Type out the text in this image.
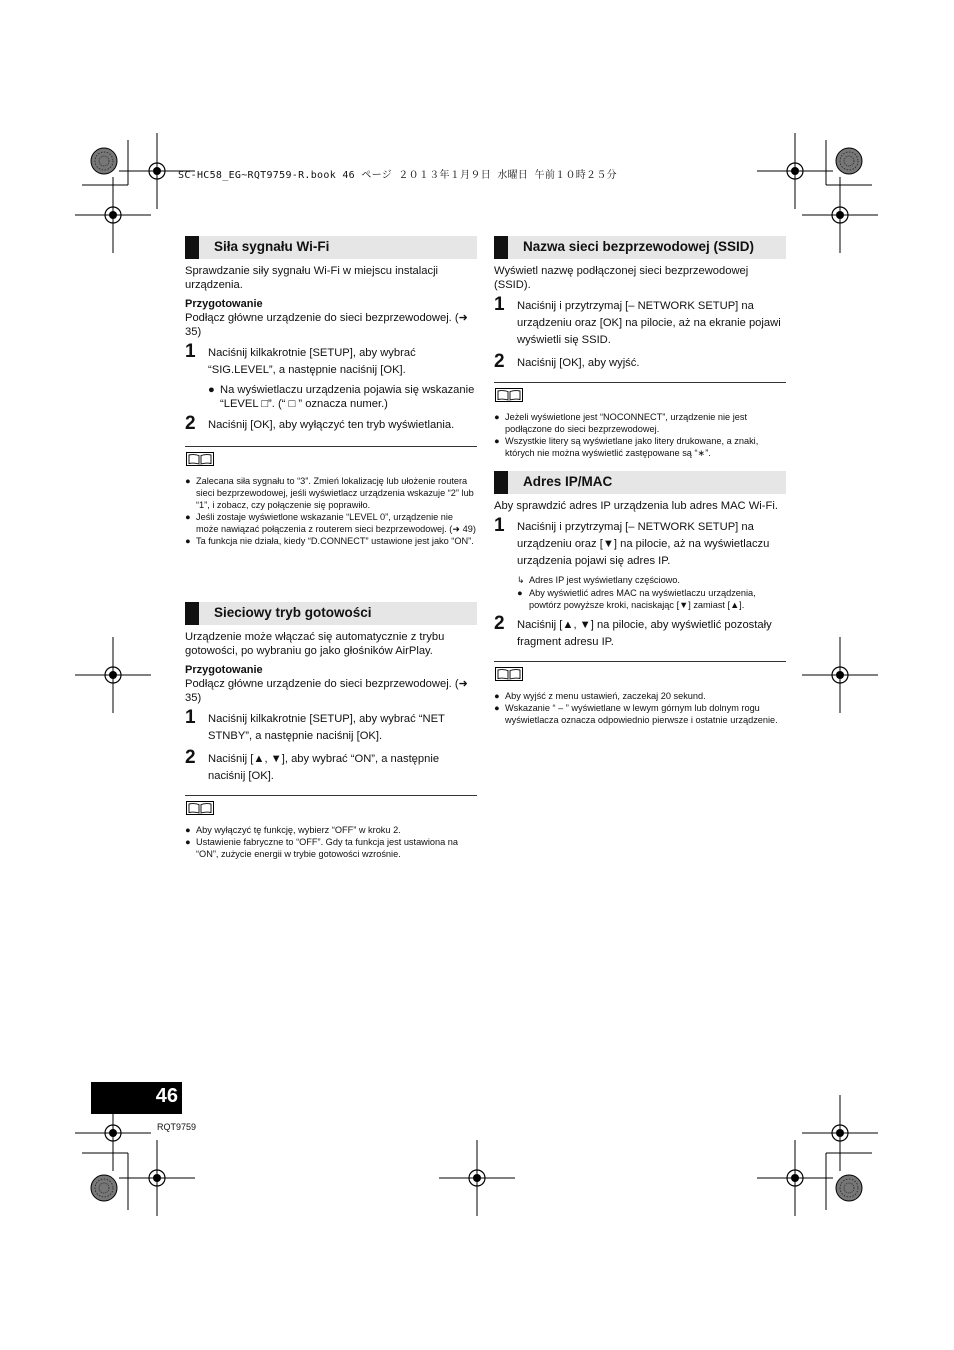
SC-HC58_EG~RQT9759-R.book 46 ページ ２０１３年１月９日 水曜日 午前１０時２５分
Siła sygnału Wi-Fi

Sprawdzanie siły sygnału Wi-Fi w miejscu instalacji urządzenia.

Przygotowanie

Podłącz główne urządzenie do sieci bezprzewodowej. (➜ 35)

1 Naciśnij kilkakrotnie [SETUP], aby wybrać “SIG.LEVEL”, a następnie naciśnij [OK].
● Na wyświetlaczu urządzenia pojawia się wskazanie “LEVEL □”. (“ □ ” oznacza numer.)
2 Naciśnij [OK], aby wyłączyć ten tryb wyświetlania.
● Zalecana siła sygnału to “3”. Zmień lokalizację lub ułożenie routera sieci bezprzewodowej, jeśli wyświetlacz urządzenia wskazuje “2” lub “1”, i zobacz, czy połączenie się poprawiło.
● Jeśli zostaje wyświetlone wskazanie “LEVEL 0”, urządzenie nie może nawiązać połączenia z routerem sieci bezprzewodowej. (➜ 49)
● Ta funkcja nie działa, kiedy “D.CONNECT” ustawione jest jako “ON”.
Sieciowy tryb gotowości

Urządzenie może włączać się automatycznie z trybu gotowości, po wybraniu go jako głośników AirPlay.

Przygotowanie

Podłącz główne urządzenie do sieci bezprzewodowej. (➜ 35)

1 Naciśnij kilkakrotnie [SETUP], aby wybrać “NET STNBY”, a następnie naciśnij [OK].
2 Naciśnij [▲, ▼], aby wybrać “ON”, a następnie naciśnij [OK].
● Aby wyłączyć tę funkcję, wybierz “OFF” w kroku 2.
● Ustawienie fabryczne to “OFF”. Gdy ta funkcja jest ustawiona na “ON”, zużycie energii w trybie gotowości wzrośnie.
Nazwa sieci bezprzewodowej (SSID)

Wyświetl nazwę podłączonej sieci bezprzewodowej (SSID).

1 Naciśnij i przytrzymaj [– NETWORK SETUP] na urządzeniu oraz [OK] na pilocie, aż na ekranie pojawi wyświetli się SSID.
2 Naciśnij [OK], aby wyjść.
● Jeżeli wyświetlone jest “NOCONNECT”, urządzenie nie jest podłączone do sieci bezprzewodowej.
● Wszystkie litery są wyświetlane jako litery drukowane, a znaki, których nie można wyświetlić zastępowane są “∗”.
Adres IP/MAC

Aby sprawdzić adres IP urządzenia lub adres MAC Wi-Fi.

1 Naciśnij i przytrzymaj [– NETWORK SETUP] na urządzeniu oraz [▼] na pilocie, aż na wyświetlaczu urządzenia pojawi się adres IP.
↳ Adres IP jest wyświetlany częściowo.
● Aby wyświetlić adres MAC na wyświetlaczu urządzenia, powtórz powyższe kroki, naciskając [▼] zamiast [▲].
2 Naciśnij [▲, ▼] na pilocie, aby wyświetlić pozostały fragment adresu IP.
● Aby wyjść z menu ustawień, zaczekaj 20 sekund.
● Wskazanie “ – ” wyświetlane w lewym górnym lub dolnym rogu wyświetlacza oznacza odpowiednio pierwsze i ostatnie urządzenie.
46
RQT9759
